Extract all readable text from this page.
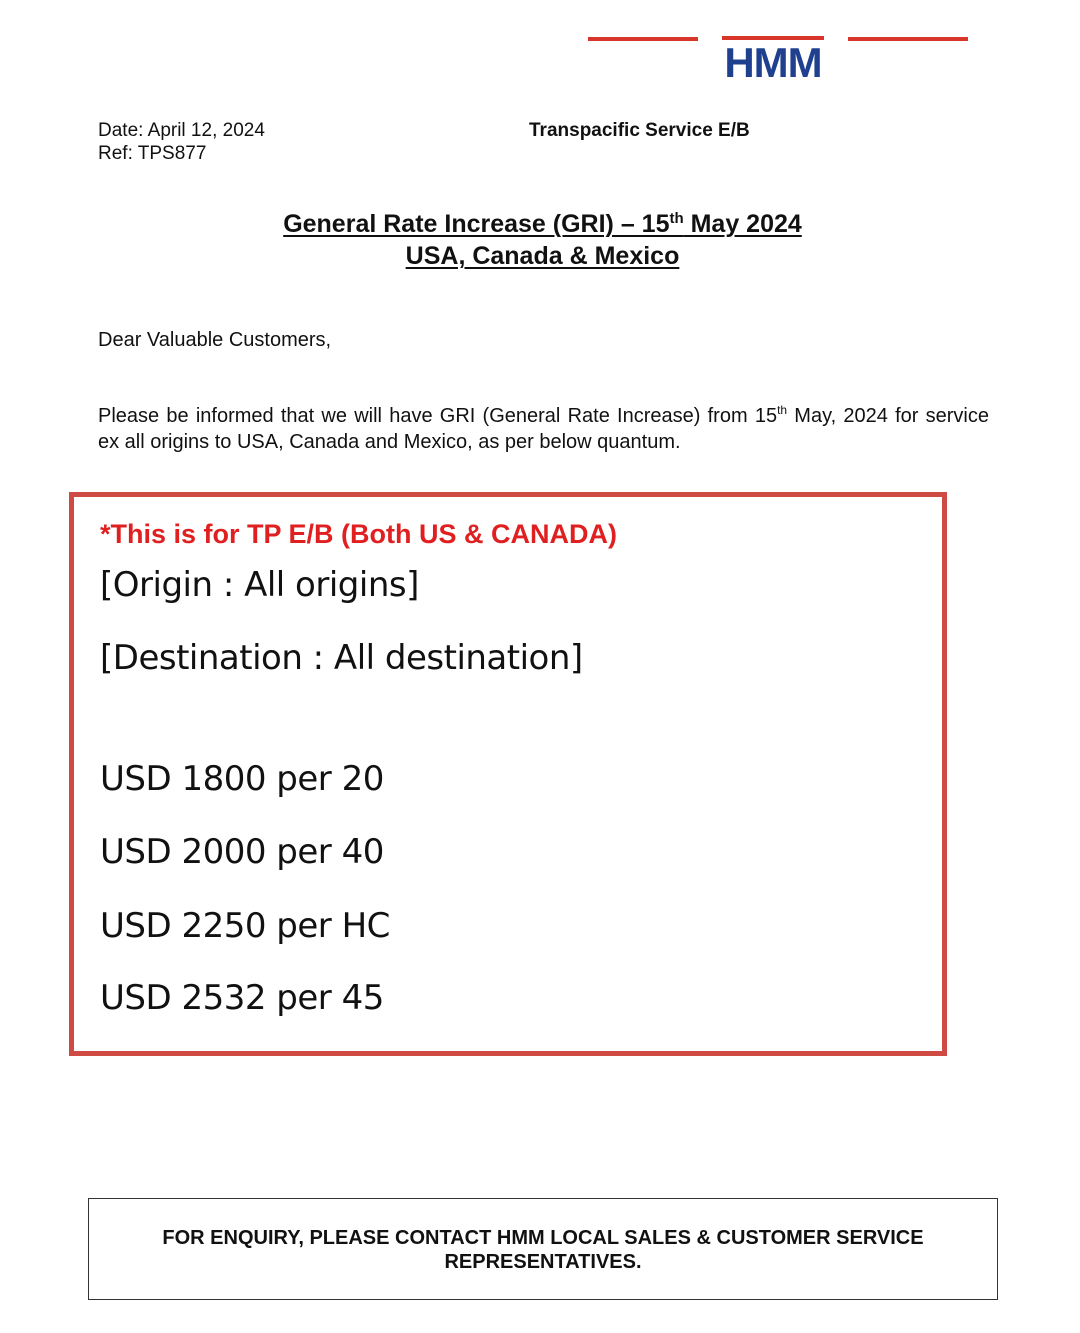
HMM
Date: April 12, 2024
Ref: TPS877
Transpacific Service E/B
General Rate Increase (GRI) – 15th May 2024
USA, Canada & Mexico
Dear Valuable Customers,
Please be informed that we will have GRI (General Rate Increase) from 15th May, 2024 for service ex all origins to USA, Canada and Mexico, as per below quantum.
*This is for TP E/B (Both US & CANADA)
[Origin : All origins]
[Destination : All destination]
USD 1800 per 20
USD 2000 per 40
USD 2250 per HC
USD 2532 per 45
FOR ENQUIRY, PLEASE CONTACT HMM LOCAL SALES & CUSTOMER SERVICE
REPRESENTATIVES.
